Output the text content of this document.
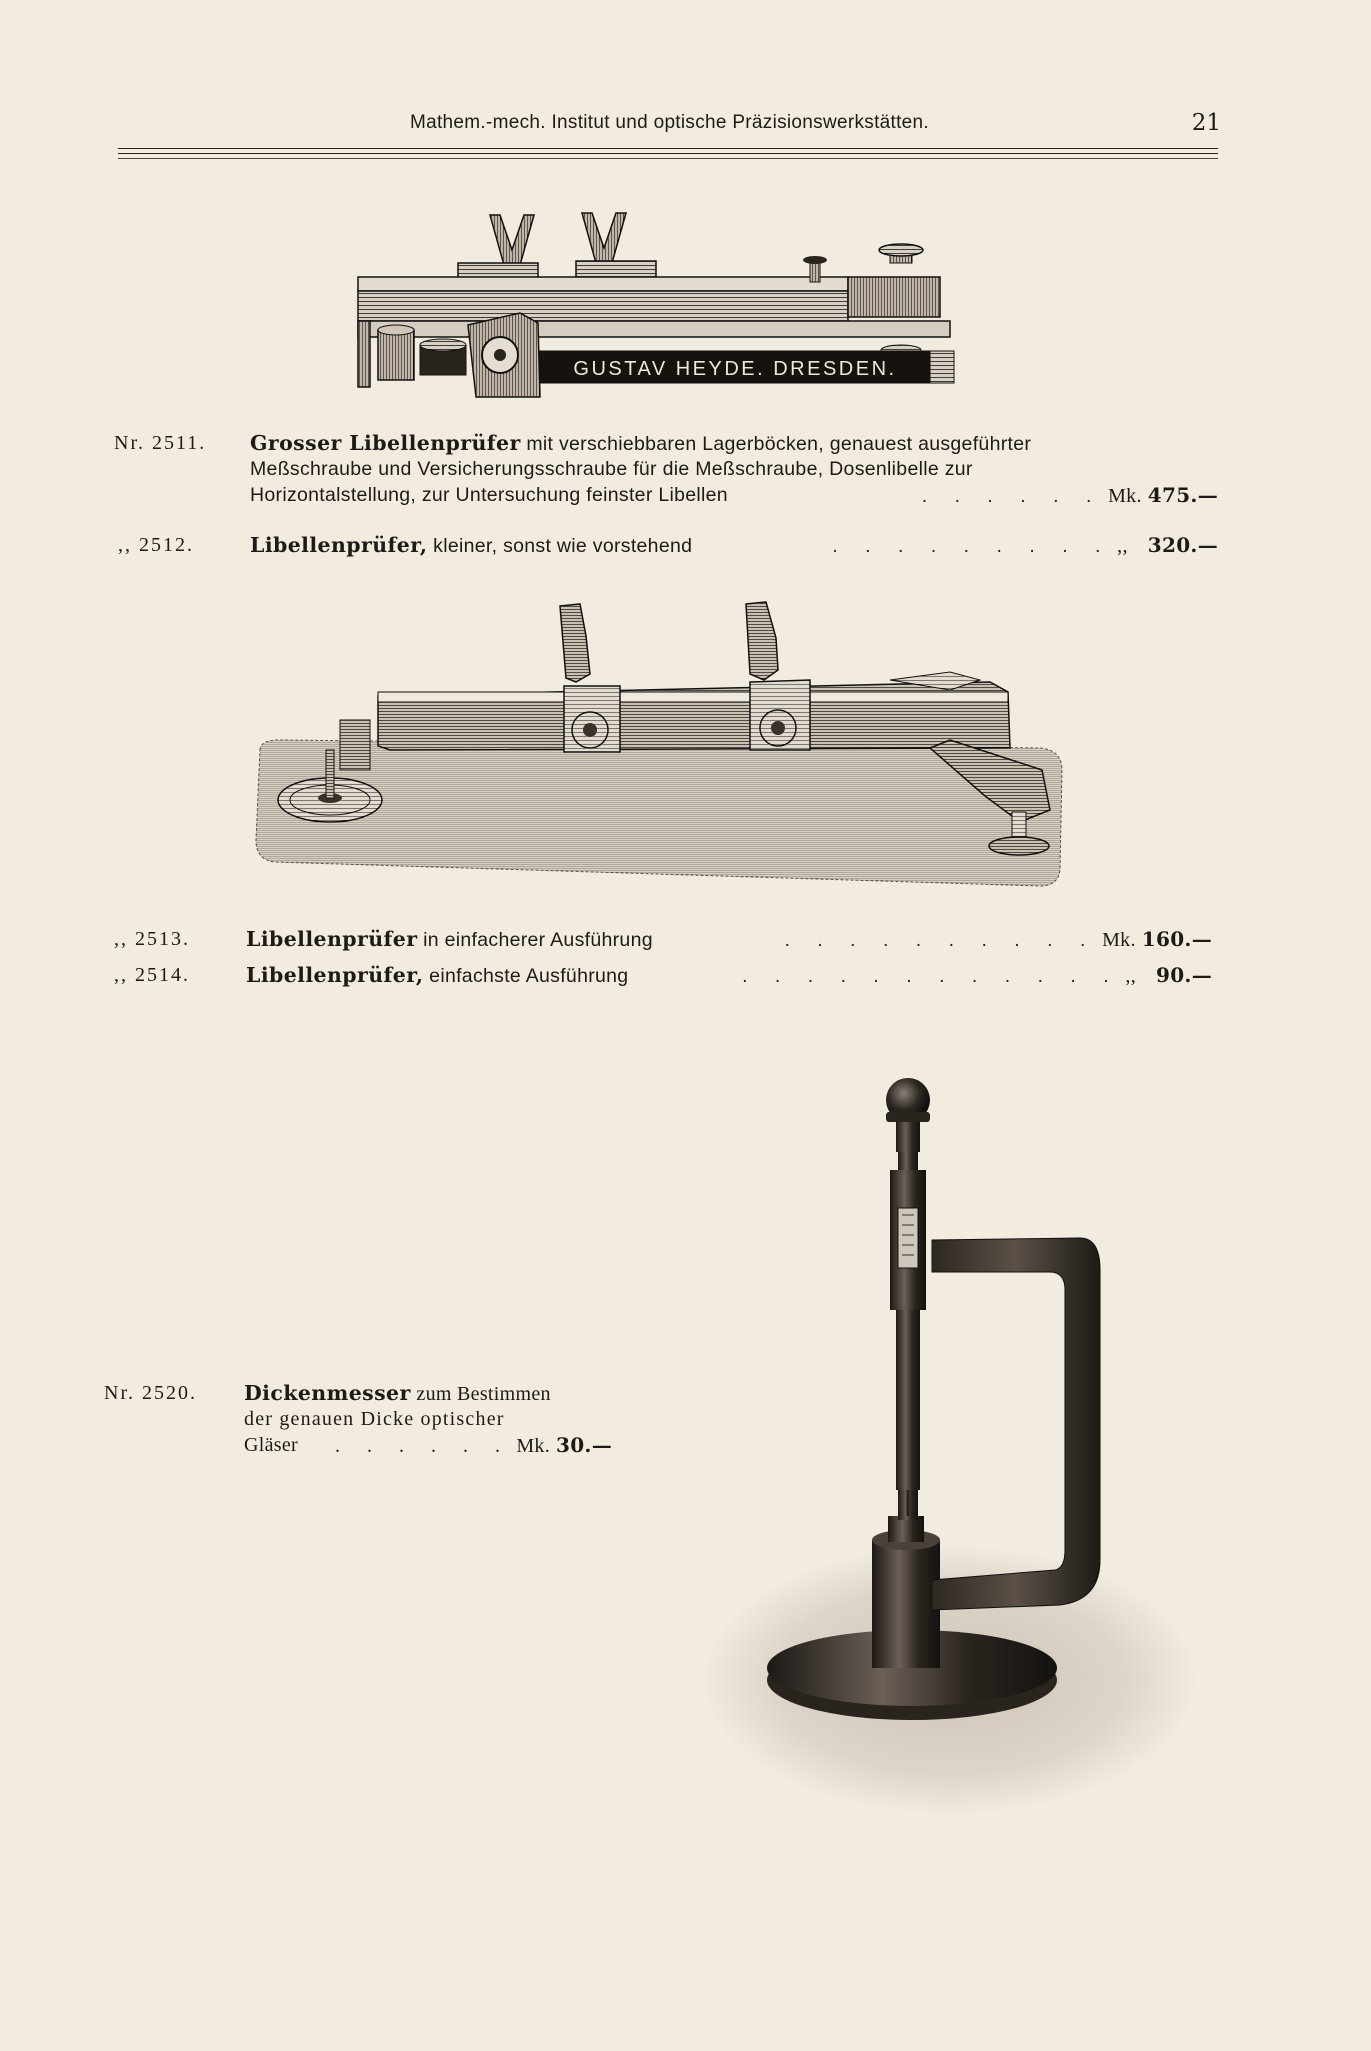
Mathem.-mech. Institut und optische Präzisionswerkstätten.	21
GUSTAV HEYDE. DRESDEN.
Nr. 2511. Grosser Libellenprüfer mit verschiebbaren Lagerböcken, genauest ausgeführter
Meßschraube und Versicherungsschraube für die Meßschraube, Dosenlibelle zur
Horizontalstellung, zur Untersuchung feinster Libellen	. . . . . . Mk. 475.—
,, 2512.	Libellenprüfer, kleiner, sonst wie vorstehend	. . . . . . . . . ,, 320.—
,, 2513.	Libellenprüfer in einfacherer Ausführung	. . . . . . . . . . Mk. 160.—
,, 2514.	Libellenprüfer, einfachste Ausführung	. . . . . . . . . . . . ,, 90.—
Nr. 2520. Dickenmesser zum Bestimmen
der genauen Dicke optischer
Gläser . . . . . . Mk. 30.—
